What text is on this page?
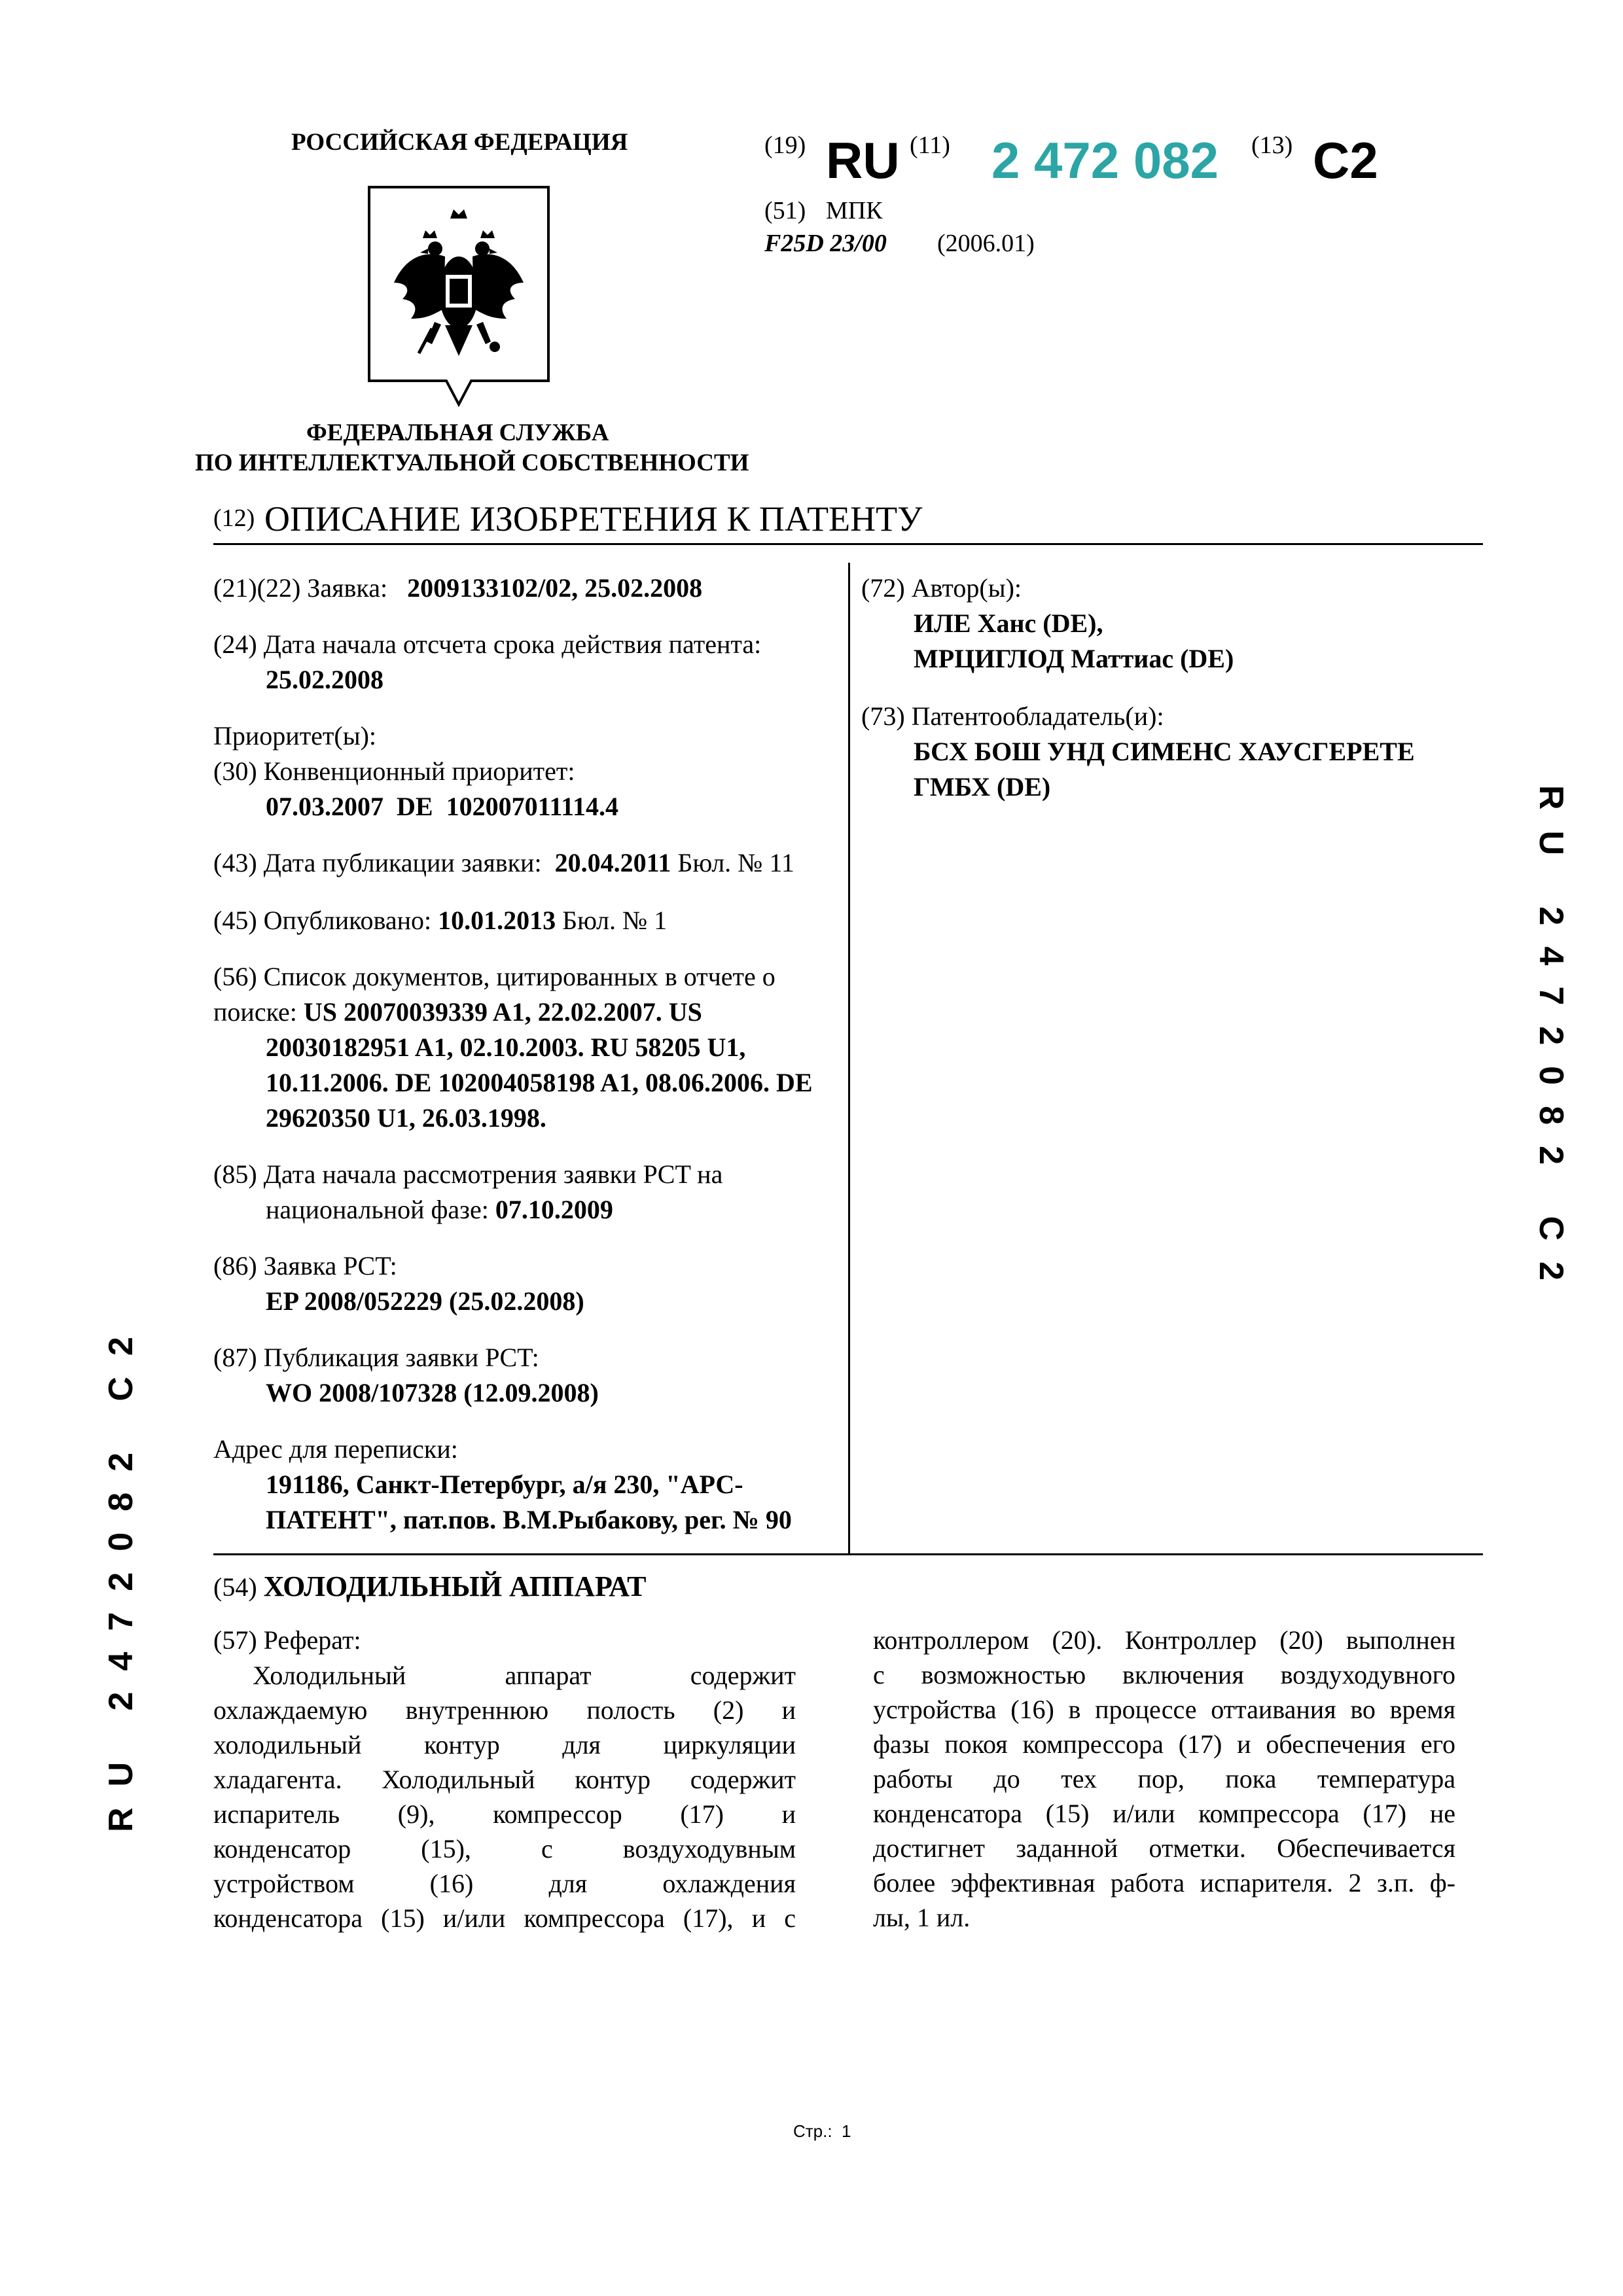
РОССИЙСКАЯ ФЕДЕРАЦИЯ
ФЕДЕРАЛЬНАЯ СЛУЖБА
ПО ИНТЕЛЛЕКТУАЛЬНОЙ СОБСТВЕННОСТИ
(19) RU (11) 2 472 082 (13) C2
(51) МПК
F25D 23/00 (2006.01)
(12) ОПИСАНИЕ ИЗОБРЕТЕНИЯ К ПАТЕНТУ
(21)(22) Заявка: 2009133102/02, 25.02.2008
(24) Дата начала отсчета срока действия патента:
25.02.2008
Приоритет(ы):
(30) Конвенционный приоритет:
07.03.2007  DE  102007011114.4
(43) Дата публикации заявки: 20.04.2011 Бюл. № 11
(45) Опубликовано: 10.01.2013 Бюл. № 1
(56) Список документов, цитированных в отчете о
поиске: US 20070039339 A1, 22.02.2007. US
20030182951 A1, 02.10.2003. RU 58205 U1,
10.11.2006. DE 102004058198 A1, 08.06.2006. DE
29620350 U1, 26.03.1998.
(85) Дата начала рассмотрения заявки PCT на
национальной фазе: 07.10.2009
(86) Заявка PCT:
EP 2008/052229 (25.02.2008)
(87) Публикация заявки PCT:
WO 2008/107328 (12.09.2008)
Адрес для переписки:
191186, Санкт-Петербург, а/я 230, "АРС-
ПАТЕНТ", пат.пов. В.М.Рыбакову, рег. № 90
(72) Автор(ы):
ИЛЕ Ханс (DE),
МРЦИГЛОД Маттиас (DE)
(73) Патентообладатель(и):
БСХ БОШ УНД СИМЕНС ХАУСГЕРЕТЕ
ГМБХ (DE)
(54) ХОЛОДИЛЬНЫЙ АППАРАТ
(57) Реферат:
Холодильный аппарат содержит
охлаждаемую внутреннюю полость (2) и
холодильный контур для циркуляции
хладагента. Холодильный контур содержит
испаритель (9), компрессор (17) и
конденсатор (15), с воздуходувным
устройством (16) для охлаждения
конденсатора (15) и/или компрессора (17), и с
контроллером (20). Контроллер (20) выполнен
с возможностью включения воздуходувного
устройства (16) в процессе оттаивания во время
фазы покоя компрессора (17) и обеспечения его
работы до тех пор, пока температура
конденсатора (15) и/или компрессора (17) не
достигнет заданной отметки. Обеспечивается
более эффективная работа испарителя. 2 з.п. ф-
лы, 1 ил.
RU 2472082 C2
RU 2472082 C2
Стр.: 1
